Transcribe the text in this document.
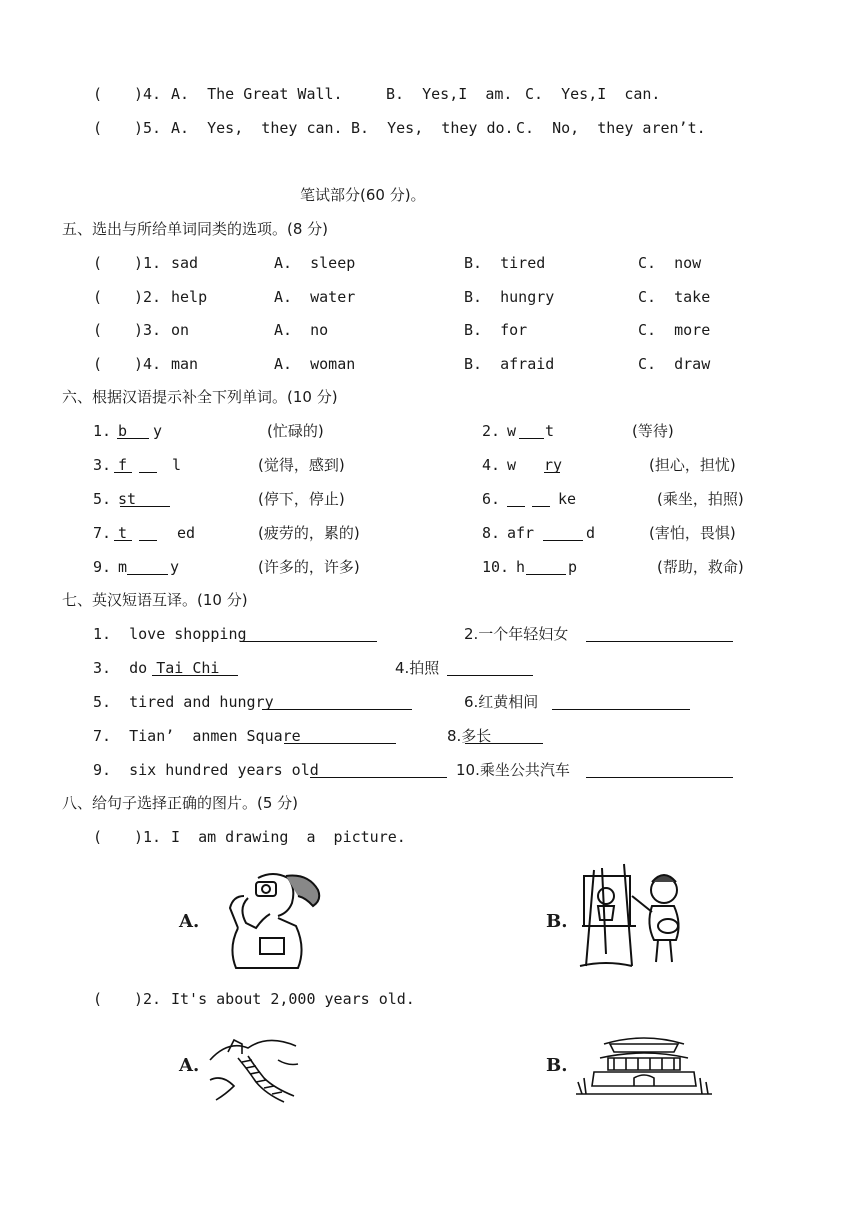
( )4. A.  The Great Wall.	B.  Yes,I  am. C.  Yes,I  can.
( )5. A.  Yes,  they can. B.  Yes,  they do. C.  No,  they aren’t.
笔试部分(60 分)。
五、选出与所给单词同类的选项。(8 分)
( )1. sad	A.  sleep	B.  tired	C.  now
( )2. help	A.  water	B.  hungry	C.  take
( )3. on	A.  no	B.  for	C.  more
( )4. man	A.  woman	B.  afraid	C.  draw
六、根据汉语提示补全下列单词。(10 分)
1. b y	(忙碌的)	2. w t	(等待)
3. f	l	(觉得，感到)	4. w ry	(担心，担忧)
5. st	(停下，停止)	6.	ke	(乘坐，拍照)
7. t	ed	(疲劳的，累的)	8. afr	d	(害怕，畏惧)
9. m	y	(许多的，许多)	10. h	p	(帮助，救命)
七、英汉短语互译。(10 分)
1.  love shopping	2.一个年轻妇女
3.  do Tai Chi	4.拍照
5.  tired and hungry	6.红黄相间
7.  Tian’  anmen Square	8.多长
9.  six hundred years old	10.乘坐公共汽车
八、给句子选择正确的图片。(5 分)
( )1. I  am drawing  a  picture.
A.	B.
( )2. It's about 2,000 years old.
A.	B.
